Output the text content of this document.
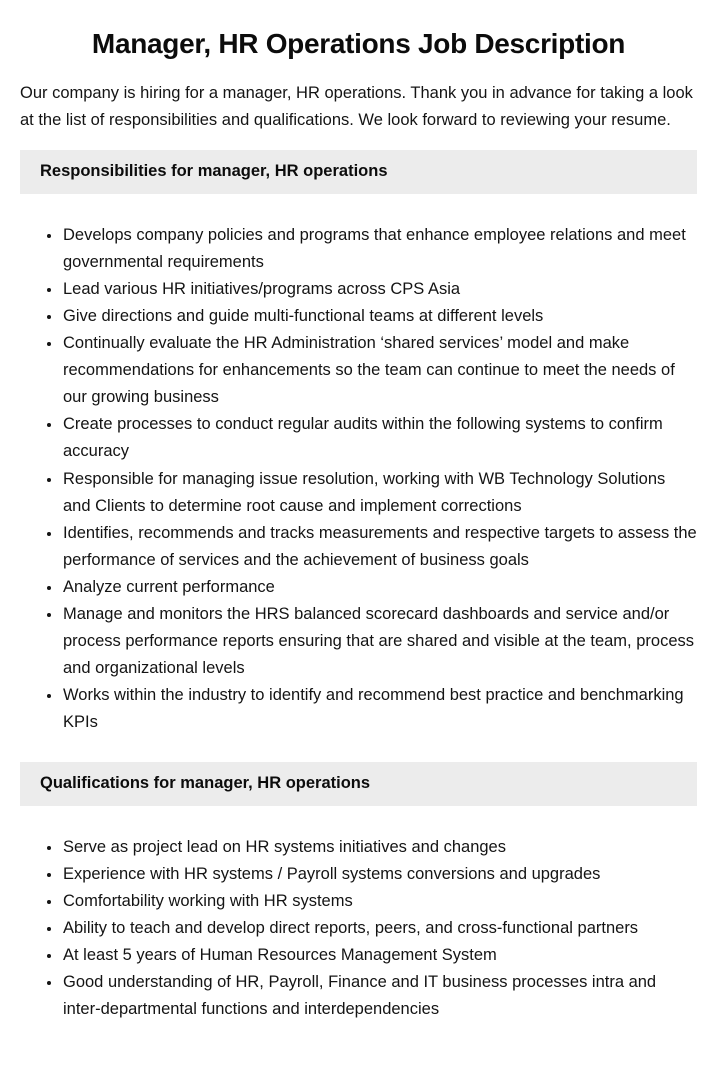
Manager, HR Operations Job Description

Our company is hiring for a manager, HR operations. Thank you in advance for taking a look at the list of responsibilities and qualifications. We look forward to reviewing your resume.

Responsibilities for manager, HR operations
• Develops company policies and programs that enhance employee relations and meet governmental requirements
• Lead various HR initiatives/programs across CPS Asia
• Give directions and guide multi-functional teams at different levels
• Continually evaluate the HR Administration ‘shared services’ model and make recommendations for enhancements so the team can continue to meet the needs of our growing business
• Create processes to conduct regular audits within the following systems to confirm accuracy
• Responsible for managing issue resolution, working with WB Technology Solutions and Clients to determine root cause and implement corrections
• Identifies, recommends and tracks measurements and respective targets to assess the performance of services and the achievement of business goals
• Analyze current performance
• Manage and monitors the HRS balanced scorecard dashboards and service and/or process performance reports ensuring that are shared and visible at the team, process and organizational levels
• Works within the industry to identify and recommend best practice and benchmarking KPIs
Qualifications for manager, HR operations
• Serve as project lead on HR systems initiatives and changes
• Experience with HR systems / Payroll systems conversions and upgrades
• Comfortability working with HR systems
• Ability to teach and develop direct reports, peers, and cross-functional partners
• At least 5 years of Human Resources Management System
• Good understanding of HR, Payroll, Finance and IT business processes intra and inter-departmental functions and interdependencies
